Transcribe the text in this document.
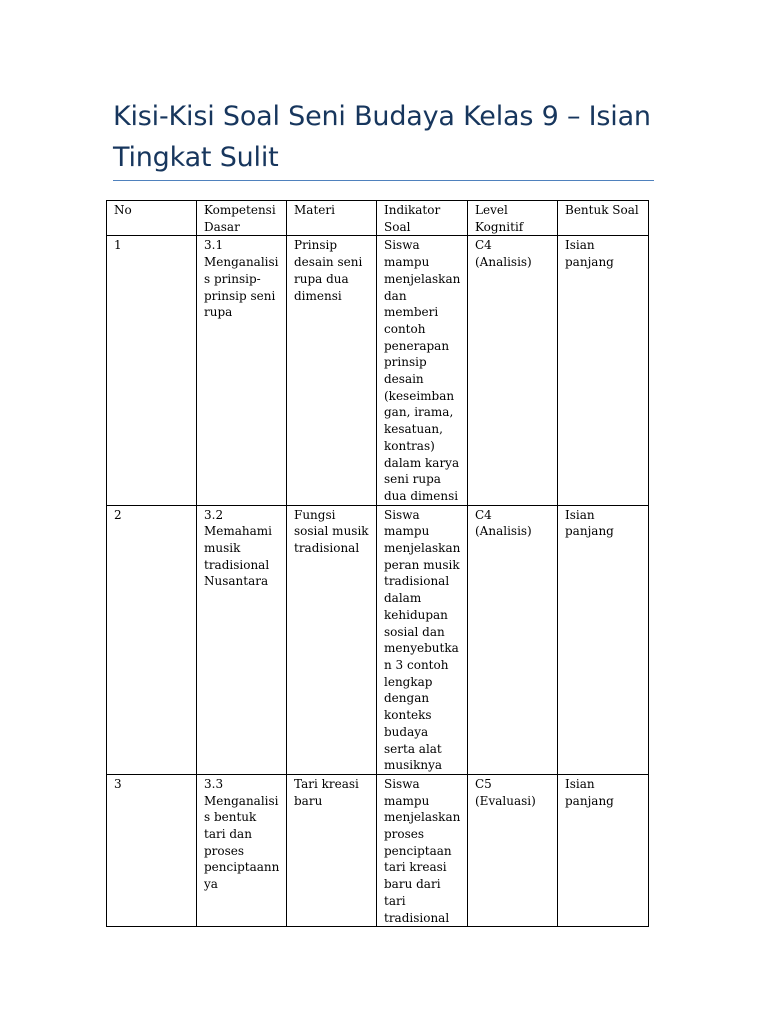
Kisi-Kisi Soal Seni Budaya Kelas 9 – Isian Tingkat Sulit
No	Kompetensi Dasar	Materi	Indikator Soal	Level Kognitif	Bentuk Soal
1	3.1 Menganalisis prinsip-prinsip seni rupa	Prinsip desain seni rupa dua dimensi	Siswa mampu menjelaskan dan memberi contoh penerapan prinsip desain (keseimbangan, irama, kesatuan, kontras) dalam karya seni rupa dua dimensi	C4 (Analisis)	Isian panjang
2	3.2 Memahami musik tradisional Nusantara	Fungsi sosial musik tradisional	Siswa mampu menjelaskan peran musik tradisional dalam kehidupan sosial dan menyebutkan 3 contoh lengkap dengan konteks budaya serta alat musiknya	C4 (Analisis)	Isian panjang
3	3.3 Menganalisis bentuk tari dan proses penciptaannya	Tari kreasi baru	Siswa mampu menjelaskan proses penciptaan tari kreasi baru dari tari tradisional	C5 (Evaluasi)	Isian panjang
